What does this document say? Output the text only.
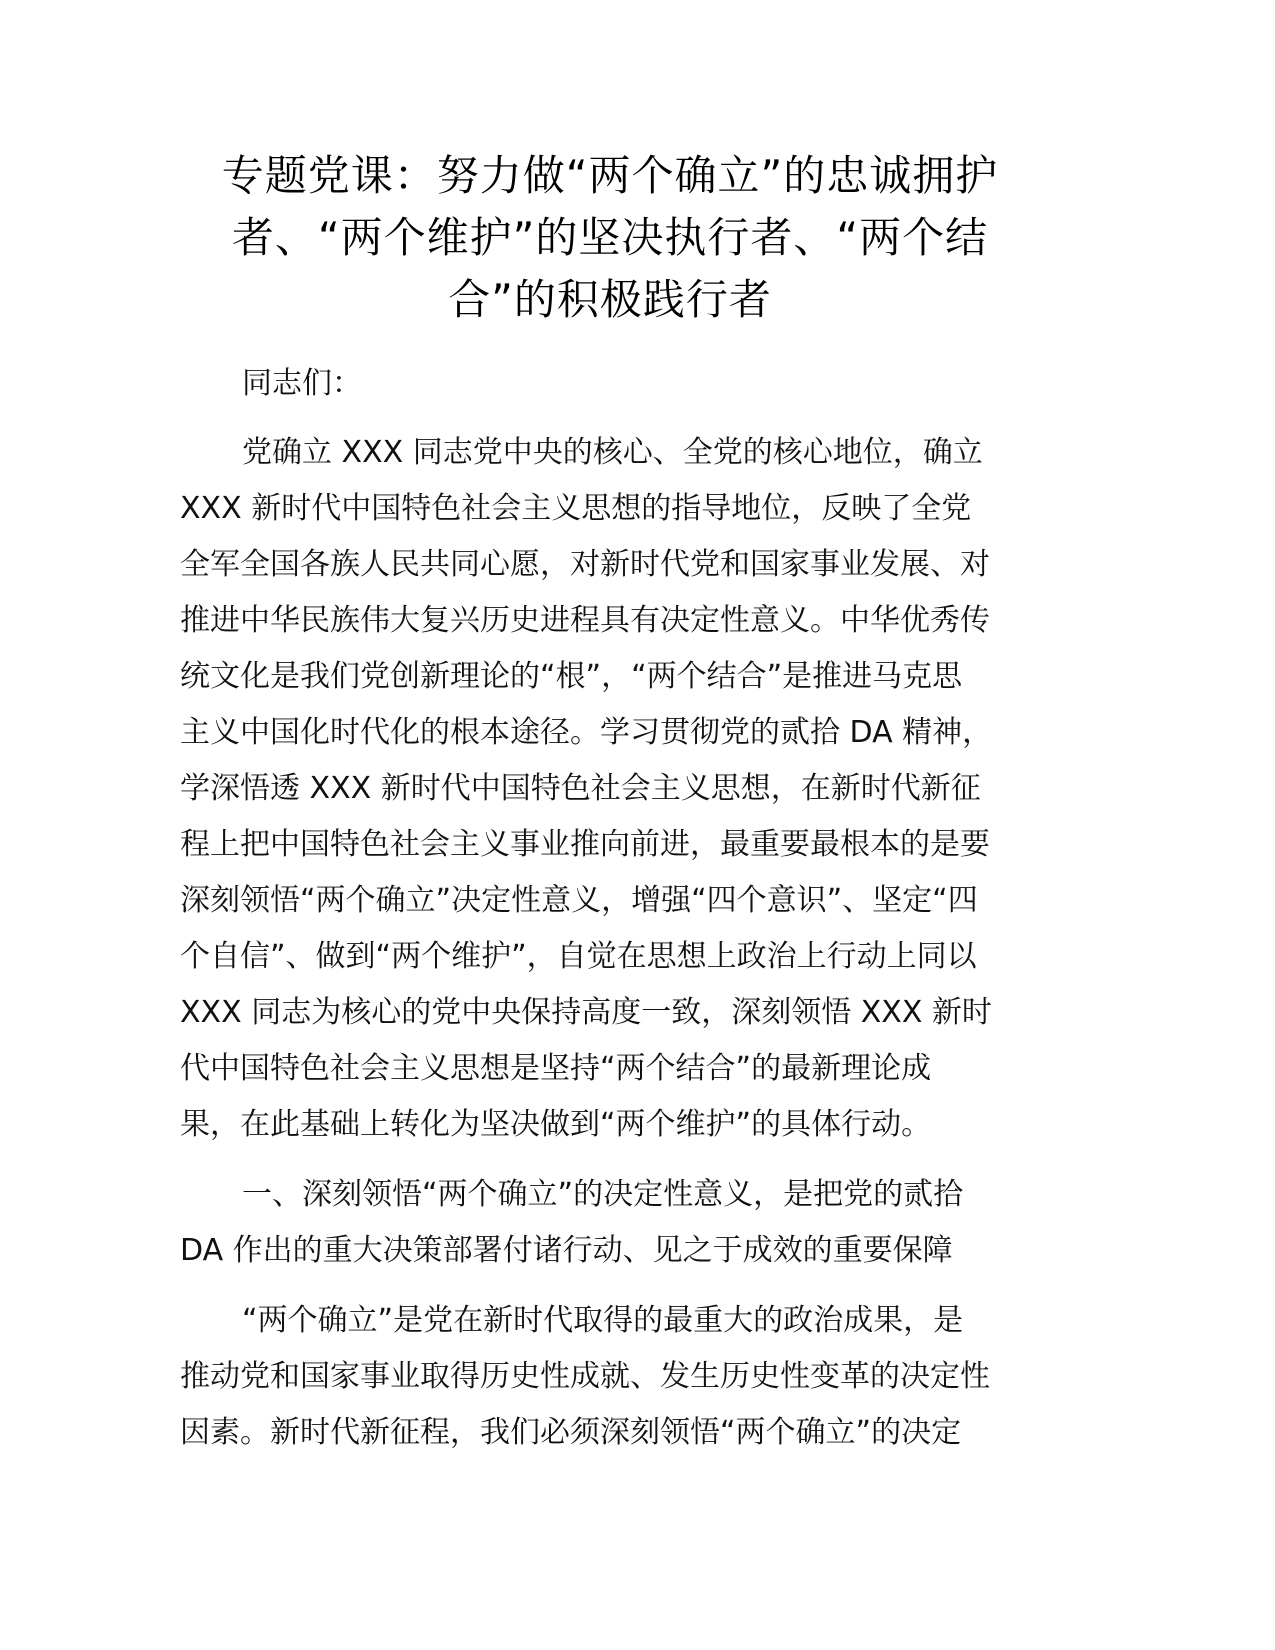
专题党课：努力做“两个确立”的忠诚拥护
者、“两个维护”的坚决执行者、“两个结
合”的积极践行者

同志们：

党确立 XXX 同志党中央的核心、全党的核心地位，确立
XXX 新时代中国特色社会主义思想的指导地位，反映了全党
全军全国各族人民共同心愿，对新时代党和国家事业发展、对
推进中华民族伟大复兴历史进程具有决定性意义。中华优秀传
统文化是我们党创新理论的“根”，“两个结合”是推进马克思
主义中国化时代化的根本途径。学习贯彻党的贰拾 DA 精神，
学深悟透 XXX 新时代中国特色社会主义思想，在新时代新征
程上把中国特色社会主义事业推向前进，最重要最根本的是要
深刻领悟“两个确立”决定性意义，增强“四个意识”、坚定“四
个自信”、做到“两个维护”，自觉在思想上政治上行动上同以
XXX 同志为核心的党中央保持高度一致，深刻领悟 XXX 新时
代中国特色社会主义思想是坚持“两个结合”的最新理论成
果，在此基础上转化为坚决做到“两个维护”的具体行动。

一、深刻领悟“两个确立”的决定性意义，是把党的贰拾
DA 作出的重大决策部署付诸行动、见之于成效的重要保障

“两个确立”是党在新时代取得的最重大的政治成果，是
推动党和国家事业取得历史性成就、发生历史性变革的决定性
因素。新时代新征程，我们必须深刻领悟“两个确立”的决定
